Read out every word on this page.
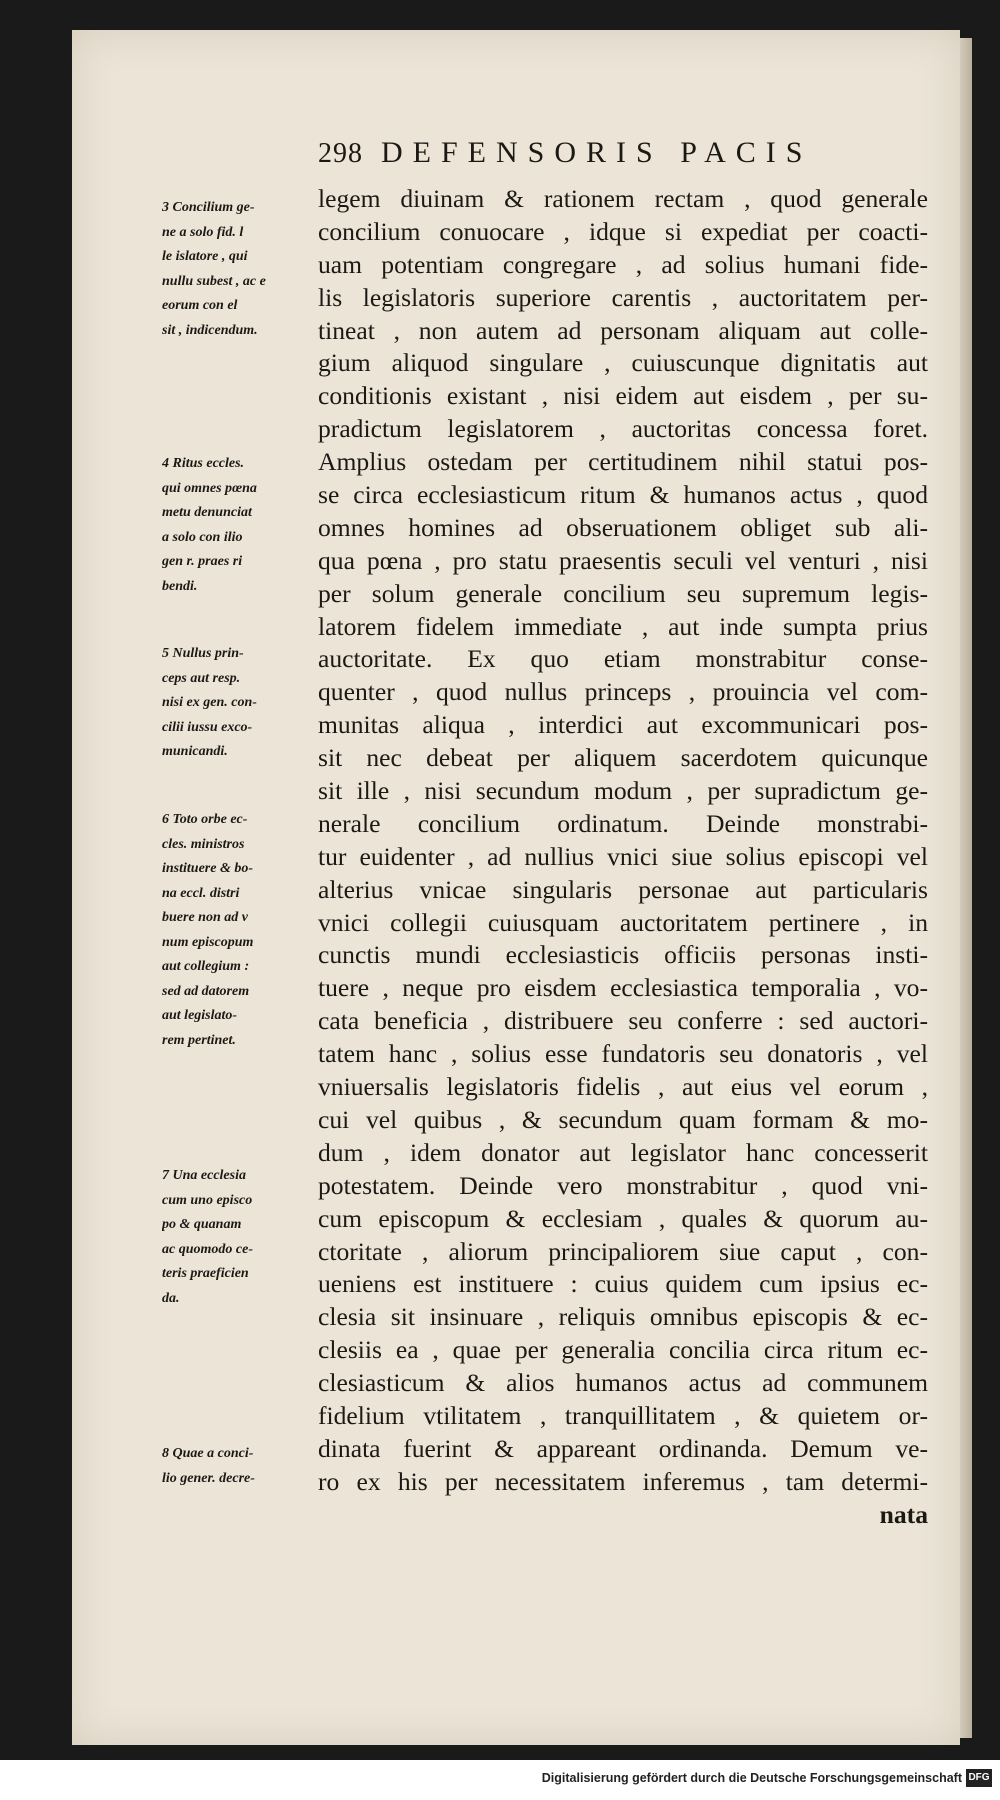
298 DEFENSORIS PACIS
legem diuinam & rationem rectam , quod generale
concilium conuocare , idque si expediat per coacti-
uam potentiam congregare , ad solius humani fide-
lis legislatoris superiore carentis , auctoritatem per-
tineat , non autem ad personam aliquam aut colle-
gium aliquod singulare , cuiuscunque dignitatis aut
conditionis existant , nisi eidem aut eisdem , per su-
pradictum legislatorem , auctoritas concessa foret.
Amplius ostedam per certitudinem nihil statui pos-
se circa ecclesiasticum ritum & humanos actus , quod
omnes homines ad obseruationem obliget sub ali-
qua pœna , pro statu praesentis seculi vel venturi , nisi
per solum generale concilium seu supremum legis-
latorem fidelem immediate , aut inde sumpta prius
auctoritate. Ex quo etiam monstrabitur conse-
quenter , quod nullus princeps , prouincia vel com-
munitas aliqua , interdici aut excommunicari pos-
sit nec debeat per aliquem sacerdotem quicunque
sit ille , nisi secundum modum , per supradictum ge-
nerale concilium ordinatum. Deinde monstrabi-
tur euidenter , ad nullius vnici siue solius episcopi vel
alterius vnicae singularis personae aut particularis
vnici collegii cuiusquam auctoritatem pertinere , in
cunctis mundi ecclesiasticis officiis personas insti-
tuere , neque pro eisdem ecclesiastica temporalia , vo-
cata beneficia , distribuere seu conferre : sed auctori-
tatem hanc , solius esse fundatoris seu donatoris , vel
vniuersalis legislatoris fidelis , aut eius vel eorum ,
cui vel quibus , & secundum quam formam & mo-
dum , idem donator aut legislator hanc concesserit
potestatem. Deinde vero monstrabitur , quod vni-
cum episcopum & ecclesiam , quales & quorum au-
ctoritate , aliorum principaliorem siue caput , con-
ueniens est instituere : cuius quidem cum ipsius ec-
clesia sit insinuare , reliquis omnibus episcopis & ec-
clesiis ea , quae per generalia concilia circa ritum ec-
clesiasticum & alios humanos actus ad communem
fidelium vtilitatem , tranquillitatem , & quietem or-
dinata fuerint & appareant ordinanda. Demum ve-
ro ex his per necessitatem inferemus , tam determi-
nata
3 Concilium ge-
ne a solo fid. l
le islatore , qui
nullu subest , ac e
eorum con el
sit , indicendum.
4 Ritus eccles.
qui omnes pœna
metu denunciat
a solo con ilio
gen r. praes ri
bendi.
5 Nullus prin-
ceps aut resp.
nisi ex gen. con-
cilii iussu exco-
municandi.
6 Toto orbe ec-
cles. ministros
instituere & bo-
na eccl. distri
buere non ad v
num episcopum
aut collegium :
sed ad datorem
aut legislato-
rem pertinet.
7 Una ecclesia
cum uno episco
po & quanam
ac quomodo ce-
teris praeficien
da.
8 Quae a conci-
lio gener. decre-
Digitalisierung gefördert durch die Deutsche Forschungsgemeinschaft DFG
